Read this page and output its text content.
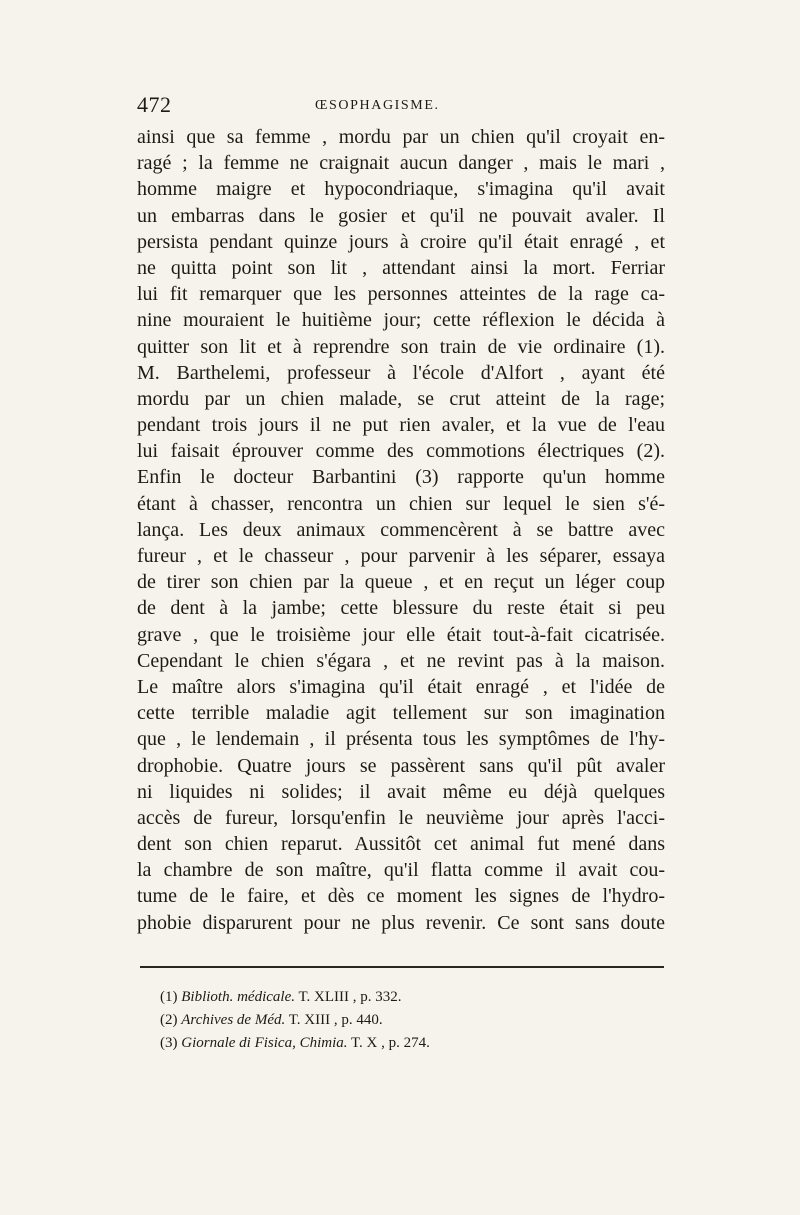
472	ŒSOPHAGISME.
ainsi que sa femme , mordu par un chien qu'il croyait en-
ragé ; la femme ne craignait aucun danger , mais le mari ,
homme maigre et hypocondriaque, s'imagina qu'il avait
un embarras dans le gosier et qu'il ne pouvait avaler. Il
persista pendant quinze jours à croire qu'il était enragé , et
ne quitta point son lit , attendant ainsi la mort. Ferriar
lui fit remarquer que les personnes atteintes de la rage ca-
nine mouraient le huitième jour; cette réflexion le décida à
quitter son lit et à reprendre son train de vie ordinaire (1).
M. Barthelemi, professeur à l'école d'Alfort , ayant été
mordu par un chien malade, se crut atteint de la rage;
pendant trois jours il ne put rien avaler, et la vue de l'eau
lui faisait éprouver comme des commotions électriques (2).
Enfin le docteur Barbantini (3) rapporte qu'un homme
étant à chasser, rencontra un chien sur lequel le sien s'é-
lança. Les deux animaux commencèrent à se battre avec
fureur , et le chasseur , pour parvenir à les séparer, essaya
de tirer son chien par la queue , et en reçut un léger coup
de dent à la jambe; cette blessure du reste était si peu
grave , que le troisième jour elle était tout-à-fait cicatrisée.
Cependant le chien s'égara , et ne revint pas à la maison.
Le maître alors s'imagina qu'il était enragé , et l'idée de
cette terrible maladie agit tellement sur son imagination
que , le lendemain , il présenta tous les symptômes de l'hy-
drophobie. Quatre jours se passèrent sans qu'il pût avaler
ni liquides ni solides; il avait même eu déjà quelques
accès de fureur, lorsqu'enfin le neuvième jour après l'acci-
dent son chien reparut. Aussitôt cet animal fut mené dans
la chambre de son maître, qu'il flatta comme il avait cou-
tume de le faire, et dès ce moment les signes de l'hydro-
phobie disparurent pour ne plus revenir. Ce sont sans doute
(1) Biblioth. médicale. T. XLIII , p. 332.
(2) Archives de Méd. T. XIII , p. 440.
(3) Giornale di Fisica, Chimia. T. X , p. 274.
